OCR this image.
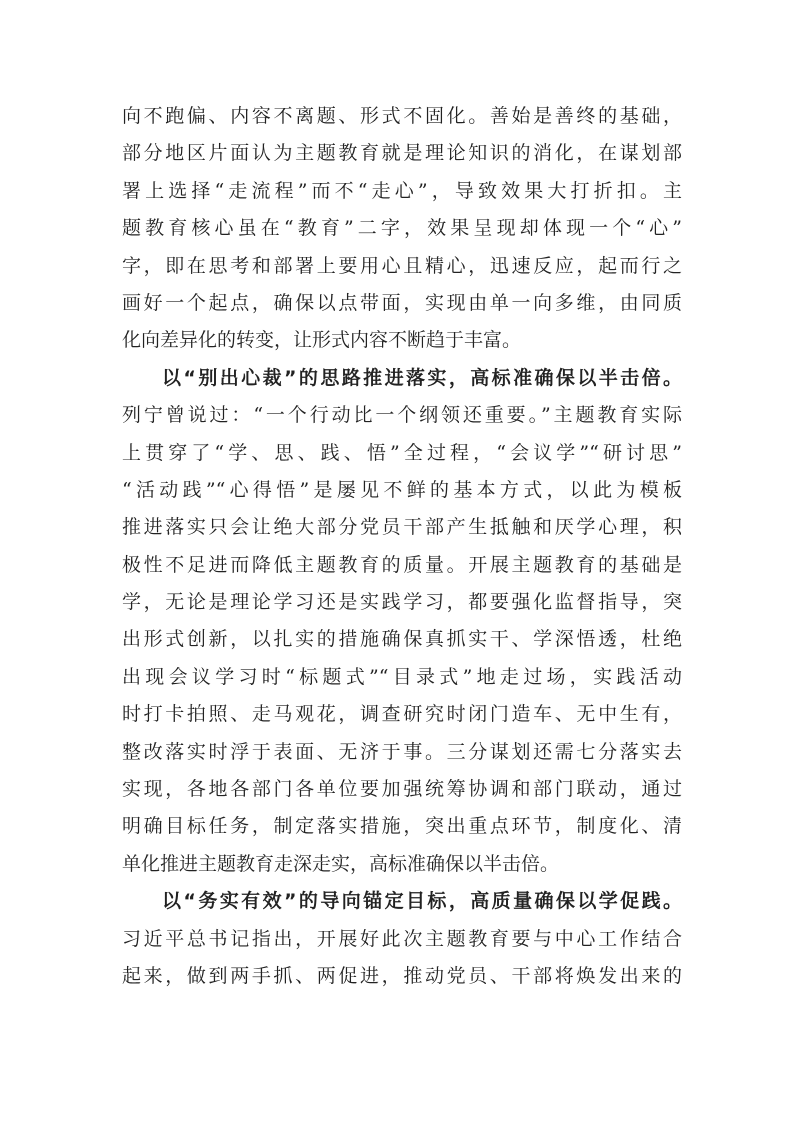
向不跑偏、内容不离题、形式不固化。善始是善终的基础，
部分地区片面认为主题教育就是理论知识的消化，在谋划部
署上选择“走流程”而不“走心”，导致效果大打折扣。主
题教育核心虽在“教育”二字，效果呈现却体现一个“心”
字，即在思考和部署上要用心且精心，迅速反应，起而行之
画好一个起点，确保以点带面，实现由单一向多维，由同质
化向差异化的转变，让形式内容不断趋于丰富。
以“别出心裁”的思路推进落实，高标准确保以半击倍。
列宁曾说过：“一个行动比一个纲领还重要。”主题教育实际
上贯穿了“学、思、践、悟”全过程，“会议学”“研讨思”
“活动践”“心得悟”是屡见不鲜的基本方式，以此为模板
推进落实只会让绝大部分党员干部产生抵触和厌学心理，积
极性不足进而降低主题教育的质量。开展主题教育的基础是
学，无论是理论学习还是实践学习，都要强化监督指导，突
出形式创新，以扎实的措施确保真抓实干、学深悟透，杜绝
出现会议学习时“标题式”“目录式”地走过场，实践活动
时打卡拍照、走马观花，调查研究时闭门造车、无中生有，
整改落实时浮于表面、无济于事。三分谋划还需七分落实去
实现，各地各部门各单位要加强统筹协调和部门联动，通过
明确目标任务，制定落实措施，突出重点环节，制度化、清
单化推进主题教育走深走实，高标准确保以半击倍。
以“务实有效”的导向锚定目标，高质量确保以学促践。
习近平总书记指出，开展好此次主题教育要与中心工作结合
起来，做到两手抓、两促进，推动党员、干部将焕发出来的
